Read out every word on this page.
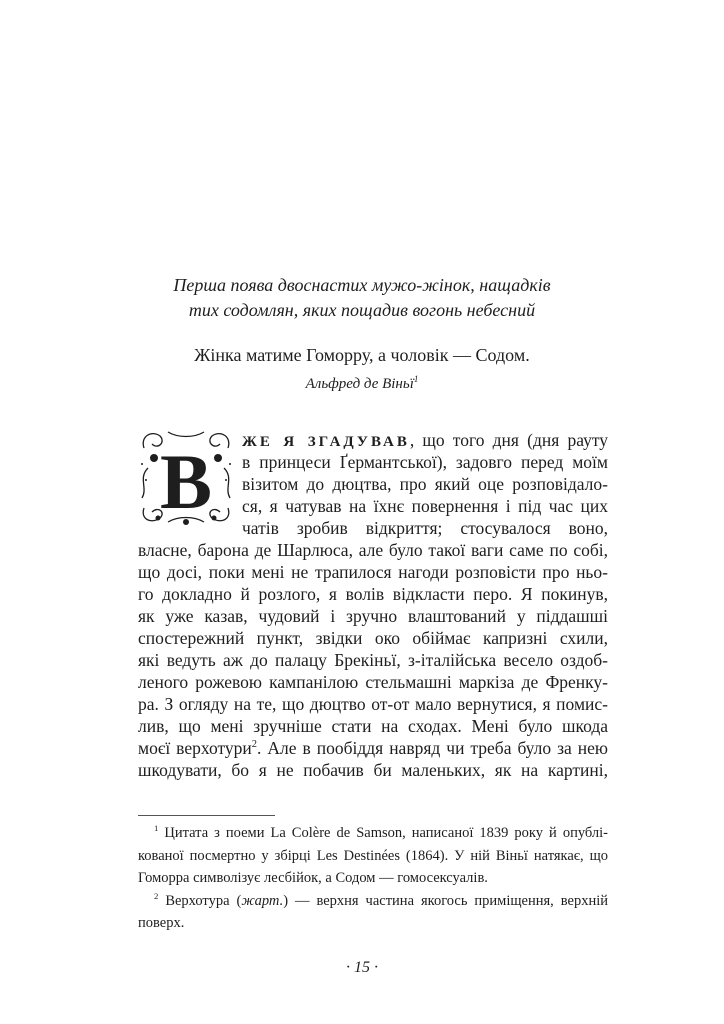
Перша поява двоснастих мужо-жінок, нащадків
тих содомлян, яких пощадив вогонь небесний
Жінка матиме Гоморру, а чоловік — Содом.
Альфред де Віньї$^1$
В ЖЕ Я ЗГАДУВАВ, що того дня (дня рауту
в принцеси Ґермантської), задовго перед моїм
візитом до дюцтва, про який оце розповідало-
ся, я чатував на їхнє повернення і під час цих
чатів зробив відкриття; стосувалося воно,
власне, барона де Шарлюса, але було такої ваги саме по собі,
що досі, поки мені не трапилося нагоди розповісти про ньо-
го докладно й розлого, я волів відкласти перо. Я покинув,
як уже казав, чудовий і зручно влаштований у піддашші
спостережний пункт, звідки око обіймає капризні схили,
які ведуть аж до палацу Брекіньї, з-італійська весело оздоб-
леного рожевою кампанілою стельмашні маркіза де Френку-
ра. З огляду на те, що дюцтво от-от мало вернутися, я помис-
лив, що мені зручніше стати на сходах. Мені було шкода
моєї верхотури$^2$. Але в пообіддя навряд чи треба було за нею
шкодувати, бо я не побачив би маленьких, як на картині,
$^1$ Цитата з поеми La Colère de Samson, написаної 1839 року й опублі-
кованої посмертно у збірці Les Destinées (1864). У ній Віньї натякає, що
Гоморра символізує лесбійок, а Содом — гомосексуалів.
$^2$ Верхотура (жарт.) — верхня частина якогось приміщення, верхній
поверх.
· 15 ·
